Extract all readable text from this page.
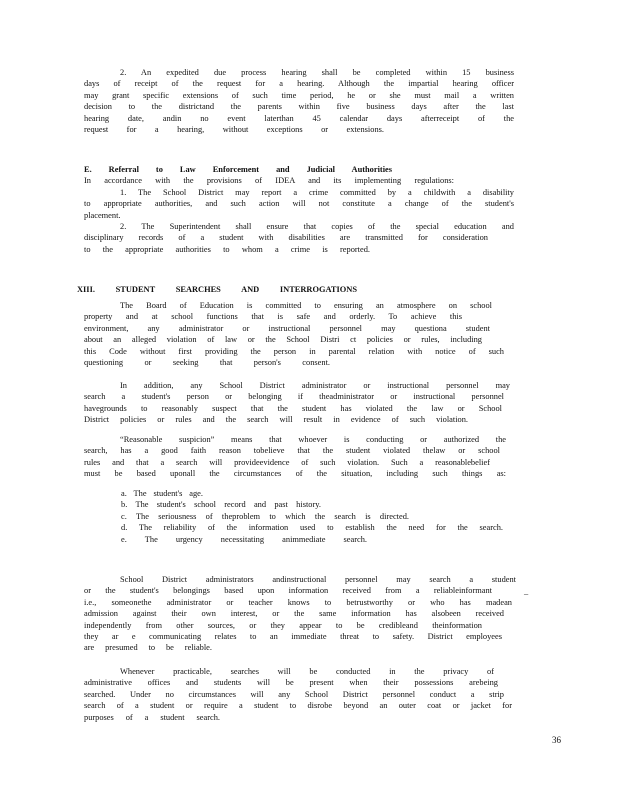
2. An expedited due process hearing shall be completed within 15 business
days of receipt of the request for a hearing. Although the impartial hearing officer
may grant specific extensions of such time period, he or she must mail a written
decision to the districtand the parents within five business days after the last
hearing date, andin no event laterthan 45 calendar days afterreceipt of the
request for a hearing, without exceptions or extensions.
E. Referral to Law Enforcement and Judicial Authorities
In accordance with the provisions of IDEA and its implementing regulations:
1. The School District may report a crime committed by a childwith a disability
to appropriate authorities, and such action will not constitute a change of the student's
placement.
2. The Superintendent shall ensure that copies of the special education and
disciplinary records of a student with disabilities are transmitted for consideration
to the appropriate authorities to whom a crime is reported.
XIII. STUDENT SEARCHES AND INTERROGATIONS
The Board of Education is committed to ensuring an atmosphere on school
property and at school functions that is safe and orderly. To achieve this
environment, any administrator or instructional personnel may questiona student
about an alleged violation of law or the School Distri ct policies or rules, including
this Code without first providing the person in parental relation with notice of such
questioning or seeking that person's consent.
In addition, any School District administrator or instructional personnel may
search a student's person or belonging if theadministrator or instructional personnel
havegrounds to reasonably suspect that the student has violated the law or School
District policies or rules and the search will result in evidence of such violation.
“Reasonable suspicion” means that whoever is conducting or authorized the
search, has a good faith reason tobelieve that the student violated thelaw or school
rules and that a search will provideevidence of such violation. Such a reasonablebelief
must be based uponall the circumstances of the situation, including such things as:
a. The student's age.
b. The student's school record and past history.
c. The seriousness of theproblem to which the search is directed.
d. The reliability of the information used to establish the need for the search.
e. The urgency necessitating animmediate search.
School District administrators andinstructional personnel may search a student
or the student's belongings based upon information received from a reliableinformant
i.e., someonethe administrator or teacher knows to betrustworthy or who has madean
admission against their own interest, or the same information has alsobeen received
independently from other sources, or they appear to be credibleand theinformation
they ar e communicating relates to an immediate threat to safety. District employees
are presumed to be reliable.
–
Whenever practicable, searches will be conducted in the privacy of
administrative offices and students will be present when their possessions arebeing
searched. Under no circumstances will any School District personnel conduct a strip
search of a student or require a student to disrobe beyond an outer coat or jacket for
purposes of a student search.
36
